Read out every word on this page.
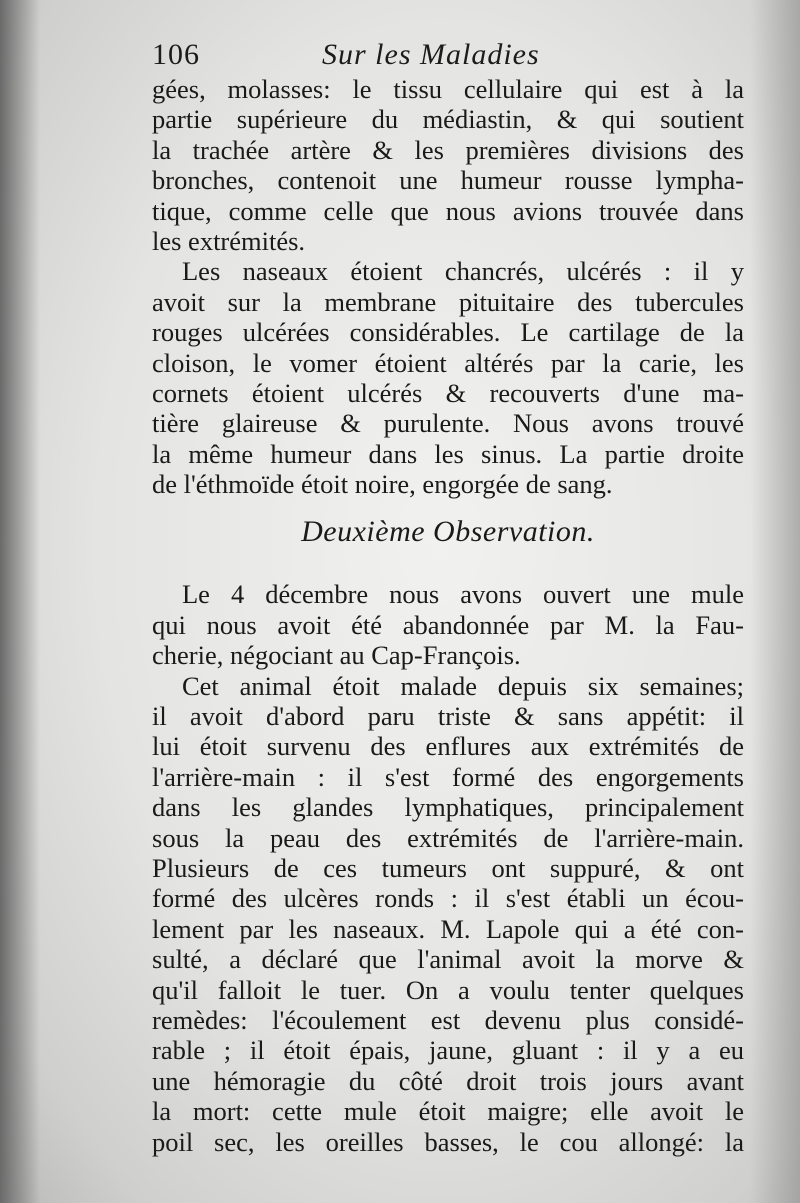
106	Sur les Maladies
gées, molasses: le tissu cellulaire qui est à la
partie supérieure du médiastin, & qui soutient
la trachée artère & les premières divisions des
bronches, contenoit une humeur rousse lympha-
tique, comme celle que nous avions trouvée dans
les extrémités.
Les naseaux étoient chancrés, ulcérés : il y
avoit sur la membrane pituitaire des tubercules
rouges ulcérées considérables. Le cartilage de la
cloison, le vomer étoient altérés par la carie, les
cornets étoient ulcérés & recouverts d'une ma-
tière glaireuse & purulente. Nous avons trouvé
la même humeur dans les sinus. La partie droite
de l'éthmoïde étoit noire, engorgée de sang.
Deuxième Observation.
Le 4 décembre nous avons ouvert une mule
qui nous avoit été abandonnée par M. la Fau-
cherie, négociant au Cap-François.
Cet animal étoit malade depuis six semaines;
il avoit d'abord paru triste & sans appétit: il
lui étoit survenu des enflures aux extrémités de
l'arrière-main : il s'est formé des engorgements
dans les glandes lymphatiques, principalement
sous la peau des extrémités de l'arrière-main.
Plusieurs de ces tumeurs ont suppuré, & ont
formé des ulcères ronds : il s'est établi un écou-
lement par les naseaux. M. Lapole qui a été con-
sulté, a déclaré que l'animal avoit la morve &
qu'il falloit le tuer. On a voulu tenter quelques
remèdes: l'écoulement est devenu plus considé-
rable ; il étoit épais, jaune, gluant : il y a eu
une hémoragie du côté droit trois jours avant
la mort: cette mule étoit maigre; elle avoit le
poil sec, les oreilles basses, le cou allongé: la
